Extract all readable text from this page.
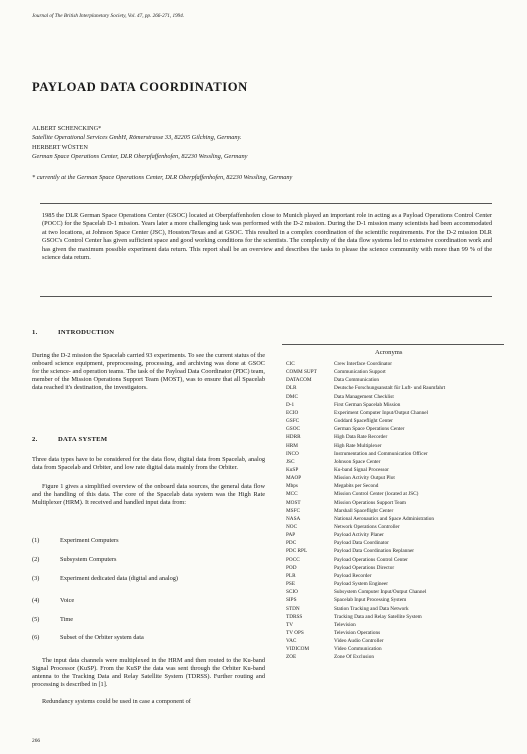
Journal of The British Interplanetary Society, Vol. 47, pp. 266-271, 1994.
PAYLOAD DATA COORDINATION
ALBERT SCHENCKING*
Satellite Operational Services GmbH, Römerstrasse 33, 82205 Gilching, Germany.
HERBERT WÜSTEN
German Space Operations Center, DLR Oberpfaffenhofen, 82230 Wessling, Germany
* currently at the German Space Operations Center, DLR Oberpfaffenhofen, 82230 Wessling, Germany
1985 the DLR German Space Operations Center (GSOC) located at Oberpfaffenhofen close to Munich played an important role in acting as a Payload Operations Control Center (POCC) for the Spacelab D-1 mission. Years later a more challenging task was performed with the D-2 mission. During the D-1 mission many scientists had been accommodated at two locations, at Johnson Space Center (JSC), Houston/Texas and at GSOC. This resulted in a complex coordination of the scientific requirements. For the D-2 mission DLR GSOC's Control Center has given sufficient space and good working conditions for the scientists. The complexity of the data flow systems led to extensive coordination work and has given the maximum possible experiment data return. This report shall be an overview and describes the tasks to please the science community with more than 99 % of the science data return.
1.	INTRODUCTION
During the D-2 mission the Spacelab carried 93 experiments. To see the current status of the onboard science equipment, preprocessing, processing, and archiving was done at GSOC for the science- and operation teams. The task of the Payload Data Coordinator (PDC) team, member of the Mission Operations Support Team (MOST), was to ensure that all Spacelab data reached it's destination, the investigators.
2.	DATA SYSTEM
Three data types have to be considered for the data flow, digital data from Spacelab, analog data from Spacelab and Orbiter, and low rate digital data mainly from the Orbiter.
Figure 1 gives a simplified overview of the onboard data sources, the general data flow and the handling of this data. The core of the Spacelab data system was the High Rate Multiplexer (HRM). It received and handled input data from:
(1)	Experiment Computers
(2)	Subsystem Computers
(3)	Experiment dedicated data (digital and analog)
(4)	Voice
(5)	Time
(6)	Subset of the Orbiter system data
The input data channels were multiplexed in the HRM and then routed to the Ku-band Signal Processor (KuSP). From the KuSP the data was sent through the Orbiter Ku-band antenna to the Tracking Data and Relay Satellite System (TDRSS). Further routing and processing is described in [1].
Redundancy systems could be used in case a component of
Acronyms
CIC	Crew Interface Coordinator
COMM SUPT	Communication Support
DATACOM	Data Communication
DLR	Deutsche Forschungsanstalt für Luft- und Raumfahrt
DMC	Data Management Checklist
D-1	First German Spacelab Mission
ECIO	Experiment Computer Input/Output Channel
GSFC	Goddard Spaceflight Center
GSOC	German Space Operations Center
HDRR	High Data Rate Recorder
HRM	High Rate Multiplexer
INCO	Instrumentation and Communication Officer
JSC	Johnson Space Center
KuSP	Ku-band Signal Processor
MAOP	Mission Activity Output Plot
Mbps	Megabits per Second
MCC	Mission Control Center (located at JSC)
MOST	Mission Operations Support Team
MSFC	Marshall Spaceflight Center
NASA	National Aeronautics and Space Administration
NOC	Network Operations Controller
PAP	Payload Activity Planer
PDC	Payload Data Coordinator
PDC RPL	Payload Data Coordination Replanner
POCC	Payload Operations Control Center
POD	Payload Operations Director
PLR	Payload Recorder
PSE	Payload System Engineer
SCIO	Subsystem Computer Input/Output Channel
SIPS	Spacelab Input Processing System
STDN	Station Tracking and Data Network
TDRSS	Tracking Data and Relay Satellite System
TV	Television
TV OPS	Television Operations
VAC	Video Audio Controller
VIDICOM	Video Communication
ZOE	Zone Of Exclusion
266
